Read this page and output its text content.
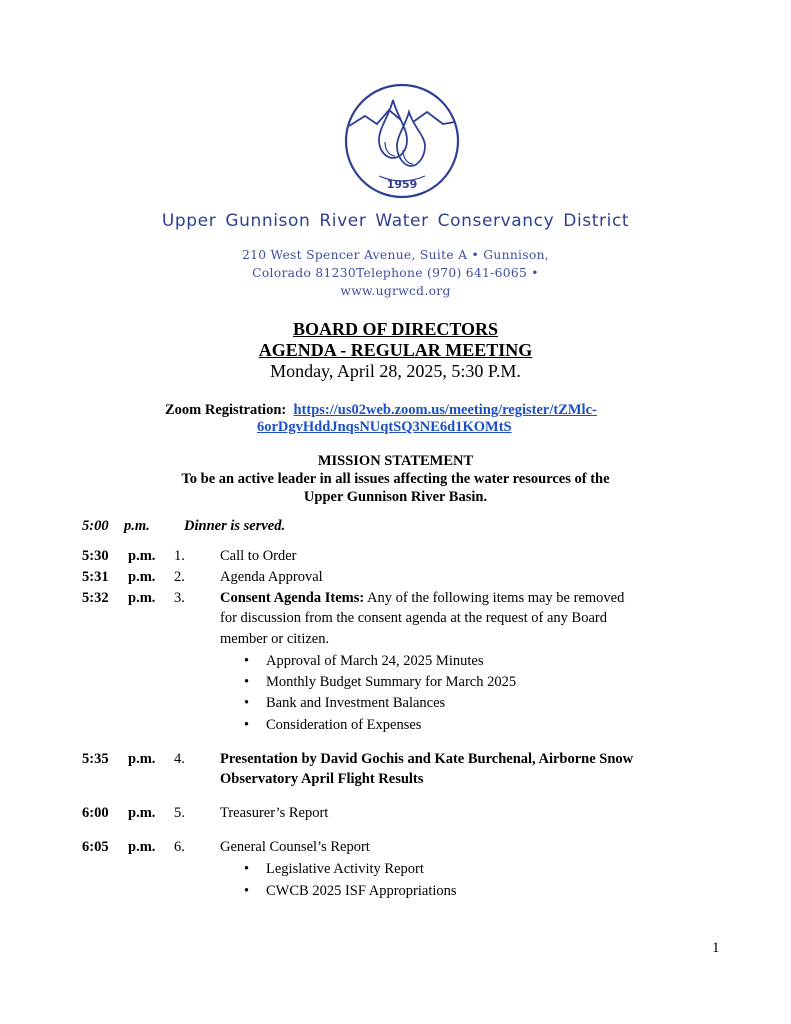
1959
Upper Gunnison River Water Conservancy District
210 West Spencer Avenue, Suite A • Gunnison,
Colorado 81230Telephone (970) 641-6065 •
www.ugrwcd.org
BOARD OF DIRECTORS
AGENDA - REGULAR MEETING
Monday, April 28, 2025, 5:30 P.M.
Zoom Registration: https://us02web.zoom.us/meeting/register/tZMlc-
6orDgvHddJnqsNUqtSQ3NE6d1KOMtS
MISSION STATEMENT
To be an active leader in all issues affecting the water resources of the
Upper Gunnison River Basin.
5:00 p.m. Dinner is served.
5:30 p.m. 1. Call to Order
5:31 p.m. 2. Agenda Approval
5:32 p.m. 3. Consent Agenda Items: Any of the following items may be removed
for discussion from the consent agenda at the request of any Board
member or citizen.
• Approval of March 24, 2025 Minutes
• Monthly Budget Summary for March 2025
• Bank and Investment Balances
• Consideration of Expenses
5:35 p.m. 4. Presentation by David Gochis and Kate Burchenal, Airborne Snow
Observatory April Flight Results
6:00 p.m. 5. Treasurer’s Report
6:05 p.m. 6. General Counsel’s Report
• Legislative Activity Report
• CWCB 2025 ISF Appropriations
1
